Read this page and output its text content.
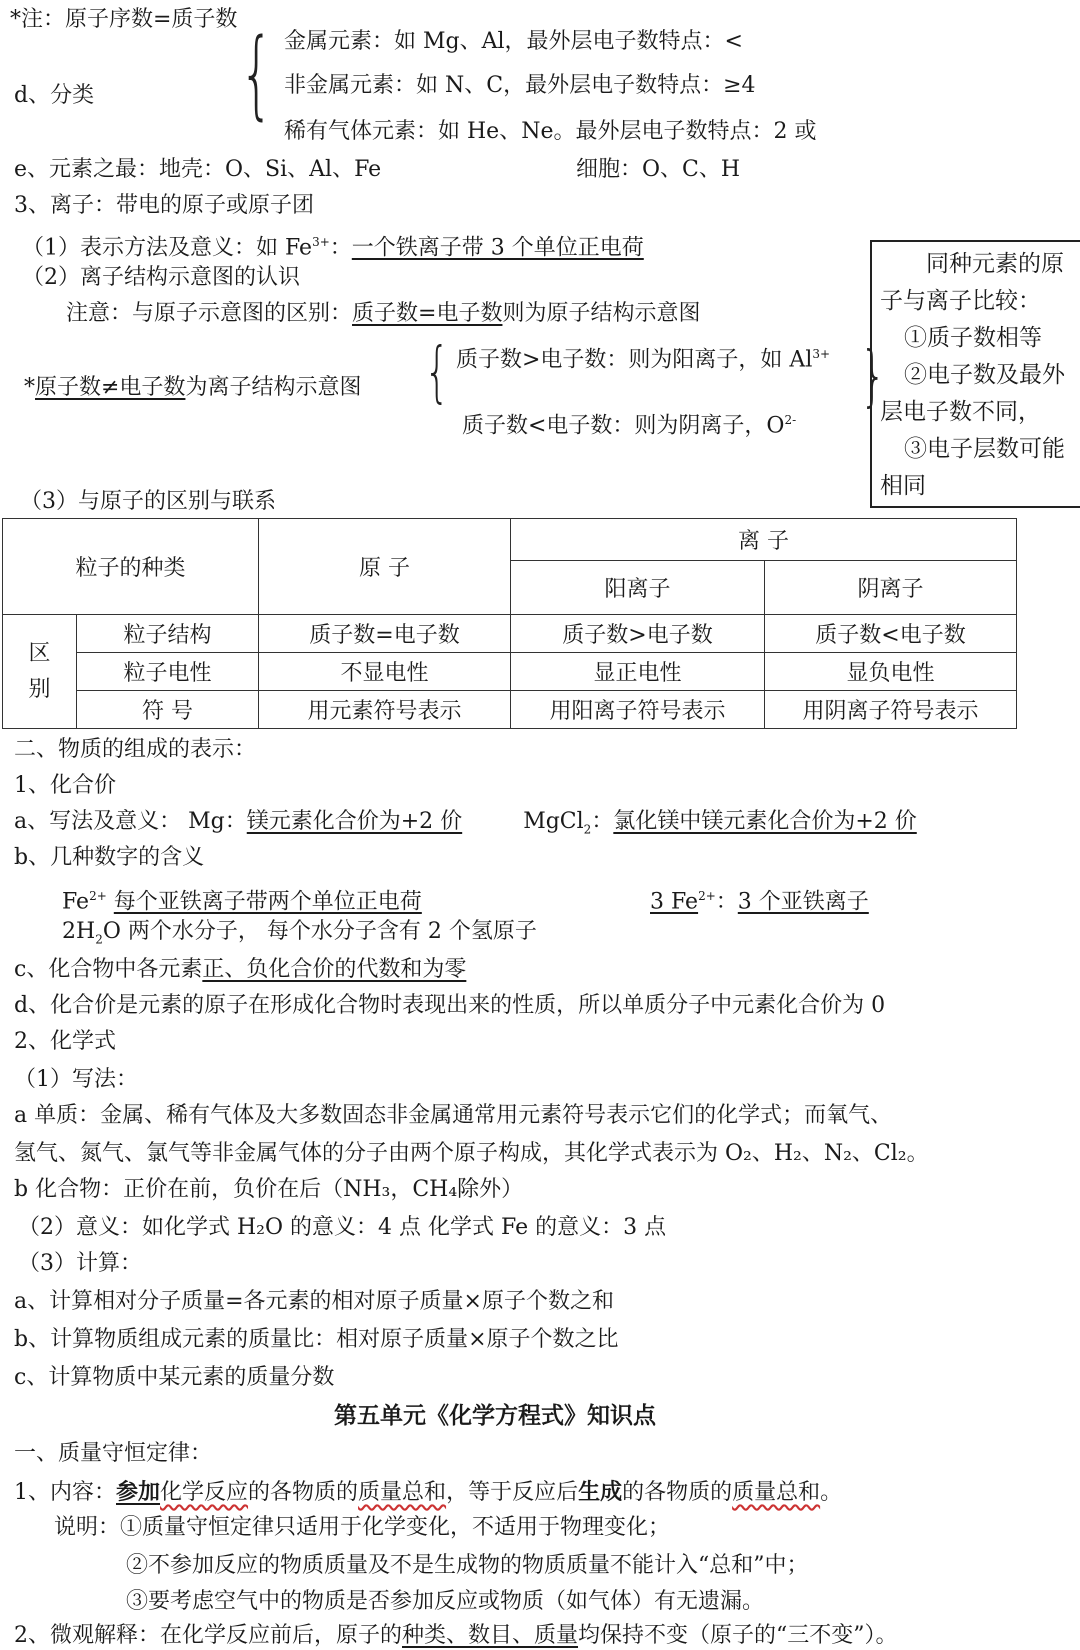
*注：原子序数=质子数
d、分类 { 金属元素：如 Mg、Al，最外层电子数特点：<
非金属元素：如 N、C，最外层电子数特点：≥4
稀有气体元素：如 He、Ne。最外层电子数特点：2 或
e、元素之最：地壳：O、Si、Al、Fe	细胞：O、C、H
3、离子：带电的原子或原子团
（1）表示方法及意义：如 $Fe^{3+}$：一个铁离子带 3 个单位正电荷
（2）离子结构示意图的认识
注意：与原子示意图的区别：质子数=电子数则为原子结构示意图
*原子数≠电子数为离子结构示意图 { 质子数>电子数：则为阳离子，如 $Al^{3+}$
质子数<电子数：则为阴离子，$O^{2-}$
}
同种元素的原
子与离子比较：
①质子数相等
②电子数及最外
层电子数不同，
③电子层数可能
相同
（3）与原子的区别与联系
粒子的种类		原 子	离 子	
			阳离子	阴离子
区
别	粒子结构	质子数=电子数	质子数>电子数	质子数<电子数
	粒子电性	不显电性	显正电性	显负电性
	符 号	用元素符号表示	用阳离子符号表示	用阴离子符号表示
二、物质的组成的表示：
1、化合价
a、写法及意义： Mg：镁元素化合价为+2 价	MgCl$_2$：氯化镁中镁元素化合价为+2 价
b、几种数字的含义
$Fe^{2+}$ 每个亚铁离子带两个单位正电荷	3 $Fe^{2+}$：3 个亚铁离子
$2H_2O$ 两个水分子， 每个水分子含有 2 个氢原子
c、化合物中各元素正、负化合价的代数和为零
d、化合价是元素的原子在形成化合物时表现出来的性质，所以单质分子中元素化合价为 0
2、化学式
（1）写法：
a 单质：金属、稀有气体及大多数固态非金属通常用元素符号表示它们的化学式；而氧气、
氢气、氮气、氯气等非金属气体的分子由两个原子构成，其化学式表示为 O₂、H₂、N₂、Cl₂。
b 化合物：正价在前，负价在后（NH₃，CH₄除外）
（2）意义：如化学式 H₂O 的意义：4 点 化学式 Fe 的意义：3 点
（3）计算：
a、计算相对分子质量=各元素的相对原子质量×原子个数之和
b、计算物质组成元素的质量比：相对原子质量×原子个数之比
c、计算物质中某元素的质量分数
第五单元《化学方程式》知识点
一、质量守恒定律：
1、内容：参加化学反应的各物质的质量总和，等于反应后生成的各物质的质量总和。
说明：①质量守恒定律只适用于化学变化，不适用于物理变化；
②不参加反应的物质质量及不是生成物的物质质量不能计入“总和”中；
③要考虑空气中的物质是否参加反应或物质（如气体）有无遗漏。
2、微观解释：在化学反应前后，原子的种类、数目、质量均保持不变（原子的“三不变”）。
